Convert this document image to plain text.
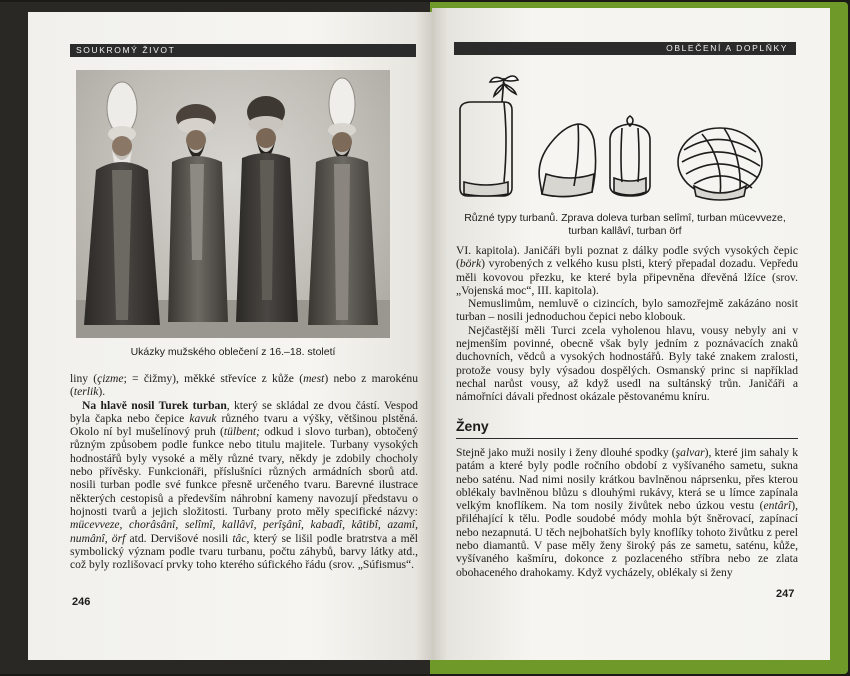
SOUKROMÝ ŽIVOT
Ukázky mužského oblečení z 16.–18. století

liny (çizme; = čižmy), měkké střevíce z kůže (mest) nebo z marokénu (terlik).

Na hlavě nosil Turek turban, který se skládal ze dvou částí. Vespod byla čapka nebo čepice kavuk různého tvaru a výšky, většinou plstěná. Okolo ní byl mušelínový pruh (tülbent; odkud i slovo turban), obtočený různým způsobem podle funkce nebo titulu majitele. Turbany vysokých hodnostářů byly vysoké a měly různé tvary, někdy je zdobily chocholy nebo přívěsky. Funkcionáři, příslušníci různých armádních sborů atd. nosili turban podle své funkce přesně určeného tvaru. Barevné ilustrace některých cestopisů a především náhrobní kameny navozují představu o hojnosti tvarů a jejich složitosti. Turbany proto měly specifické názvy: mücevveze, chorâsânî, selîmî, kallâvî, perîşânî, kabadî, kâtibî, azamî, numânî, örf atd. Dervišové nosili tâc, který se lišil podle bratrstva a měl symbolický význam podle tvaru turbanu, počtu záhybů, barvy látky atd., což byly rozlišovací prvky toho kterého súfického řádu (srov. „Súfismus“.

246
OBLEČENÍ A DOPLŇKY
Různé typy turbanů. Zprava doleva turban selîmî, turban mücevveze, turban kallâvî, turban örf

VI. kapitola). Janičáři byli poznat z dálky podle svých vysokých čepic (börk) vyrobených z velkého kusu plsti, který přepadal dozadu. Vepředu měli kovovou přezku, ke které byla připevněna dřevěná lžíce (srov. „Vojenská moc“, III. kapitola).

Nemuslimům, nemluvě o cizincích, bylo samozřejmě zakázáno nosit turban – nosili jednoduchou čepici nebo klobouk.

Nejčastější měli Turci zcela vyholenou hlavu, vousy nebyly ani v nejmenším povinné, obecně však byly jedním z poznávacích znaků duchovních, vědců a vysokých hodnostářů. Byly také znakem zralosti, protože vousy byly výsadou dospělých. Osmanský princ si například nechal narůst vousy, až když usedl na sultánský trůn. Janičáři a námořníci dávali přednost okázale pěstovanému kníru.

Ženy

Stejně jako muži nosily i ženy dlouhé spodky (şalvar), které jim sahaly k patám a které byly podle ročního období z vyšívaného sametu, sukna nebo saténu. Nad nimi nosily krátkou bavlněnou náprsenku, přes kterou oblékaly bavlněnou blůzu s dlouhými rukávy, která se u límce zapínala velkým knoflíkem. Na tom nosily živůtek nebo úzkou vestu (entârî), přiléhající k tělu. Podle soudobé módy mohla být šněrovací, zapínací nebo nezapnutá. U těch nejbohatších byly knoflíky tohoto živůtku z perel nebo diamantů. V pase měly ženy široký pás ze sametu, saténu, kůže, vyšívaného kašmíru, dokonce z pozlaceného stříbra nebo ze zlata obohaceného drahokamy. Když vycházely, oblékaly si ženy

247
